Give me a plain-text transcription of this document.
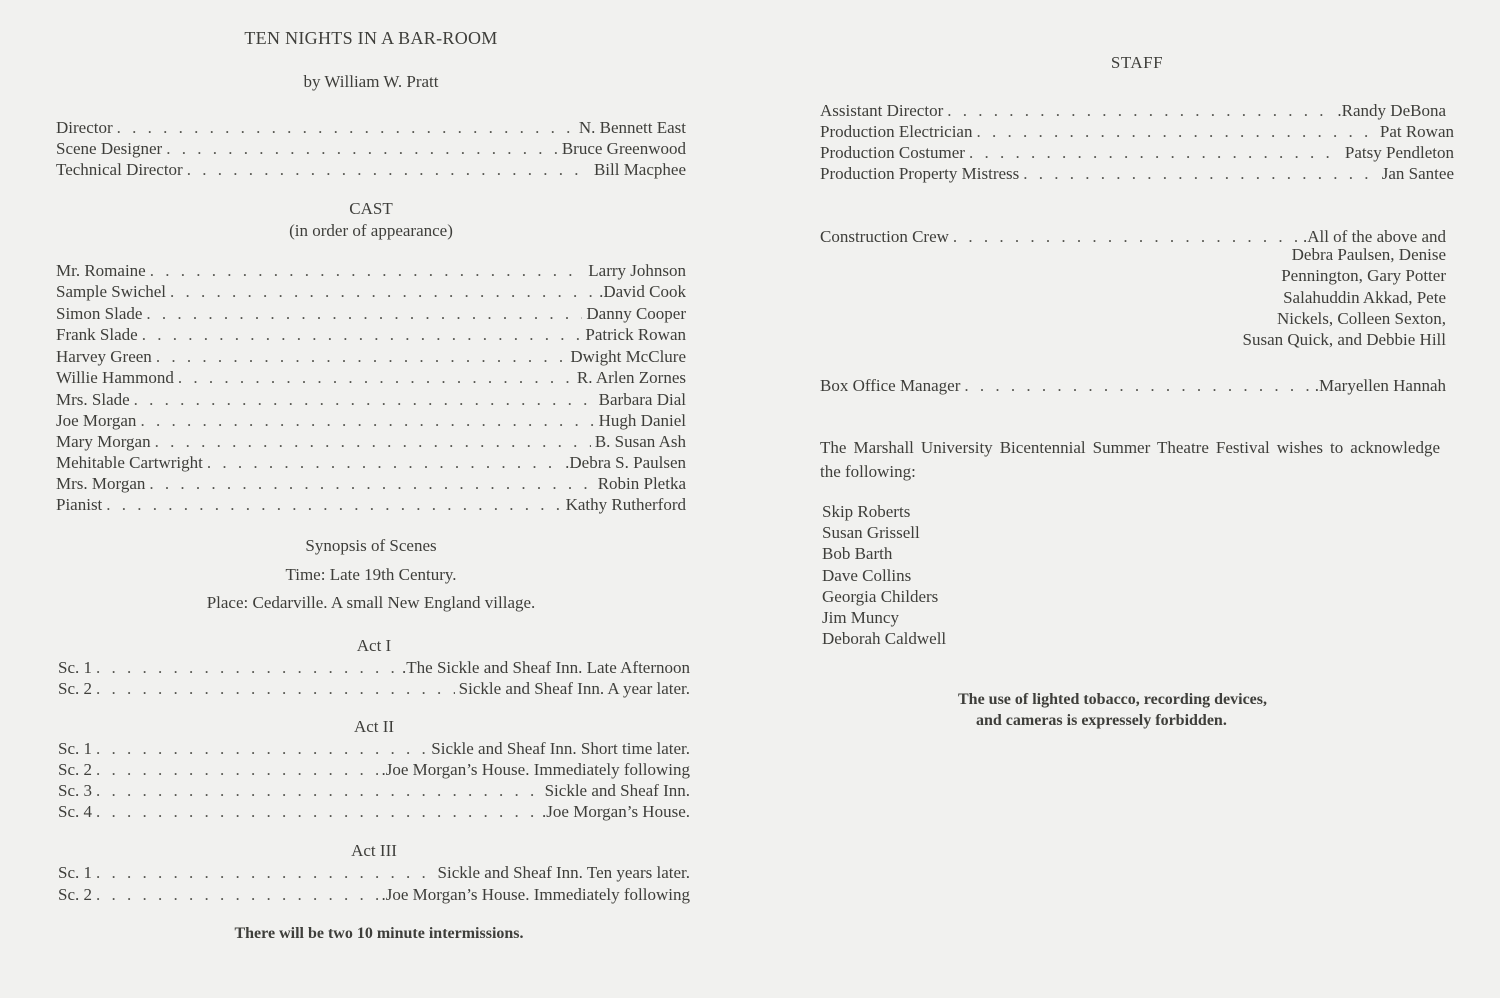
TEN NIGHTS IN A BAR-ROOM
by William W. Pratt
Director . . .	N. Bennett East
Scene Designer . . .	Bruce Greenwood
Technical Director . . .	Bill Macphee
CAST
(in order of appearance)
Mr. Romaine . . .	Larry Johnson
Sample Swichel . . .	.David Cook
Simon Slade . . .	Danny Cooper
Frank Slade . . .	Patrick Rowan
Harvey Green . . .	Dwight McClure
Willie Hammond . . .	R. Arlen Zornes
Mrs. Slade . . .	Barbara Dial
Joe Morgan . . .	Hugh Daniel
Mary Morgan . . .	B. Susan Ash
Mehitable Cartwright . . .	.Debra S. Paulsen
Mrs. Morgan . . .	Robin Pletka
Pianist . . .	Kathy Rutherford
Synopsis of Scenes
Time: Late 19th Century.
Place: Cedarville. A small New England village.
Act I
Sc. 1 . . .	.The Sickle and Sheaf Inn. Late Afternoon
Sc. 2 . . .	Sickle and Sheaf Inn. A year later.
Act II
Sc. 1 . . .	Sickle and Sheaf Inn. Short time later.
Sc. 2 . . .	.Joe Morgan’s House. Immediately following
Sc. 3 . . .	Sickle and Sheaf Inn.
Sc. 4 . . .	.Joe Morgan’s House.
Act III
Sc. 1 . . .	Sickle and Sheaf Inn. Ten years later.
Sc. 2 . . .	.Joe Morgan’s House. Immediately following
There will be two 10 minute intermissions.
STAFF
Assistant Director . . .	.Randy DeBona
Production Electrician . . .	Pat Rowan
Production Costumer . . .	Patsy Pendleton
Production Property Mistress . . .	Jan Santee
Construction Crew . . .	.All of the above and
Debra Paulsen, Denise
Pennington, Gary Potter
Salahuddin Akkad, Pete
Nickels, Colleen Sexton,
Susan Quick, and Debbie Hill
Box Office Manager . . .	.Maryellen Hannah
The Marshall University Bicentennial Summer Theatre Festival wishes to acknowledge the following:
Skip Roberts
Susan Grissell
Bob Barth
Dave Collins
Georgia Childers
Jim Muncy
Deborah Caldwell
The use of lighted tobacco, recording devices,
and cameras is expressely forbidden.
